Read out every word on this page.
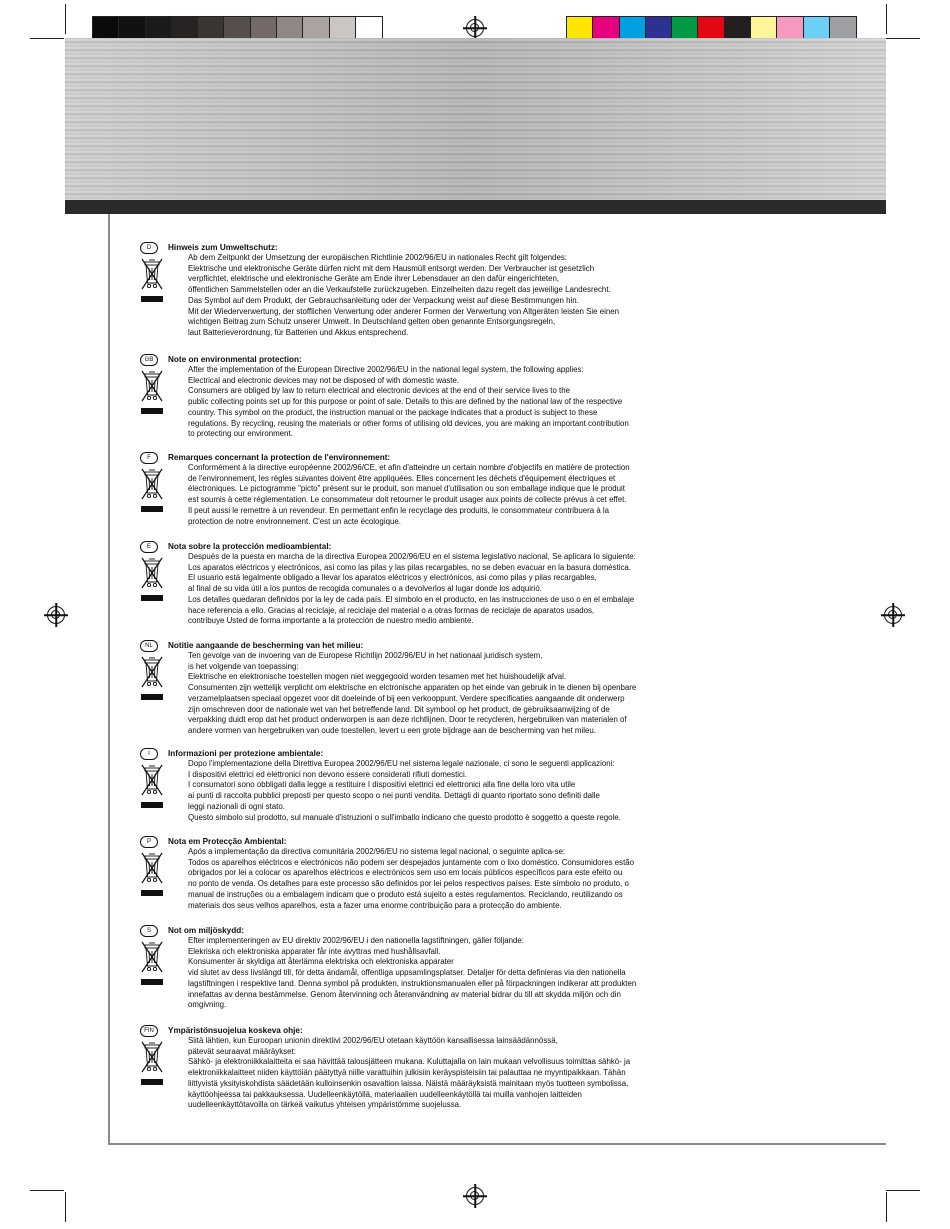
D	Hinweis zum Umweltschutz:
Ab dem Zeitpunkt der Umsetzung der europäischen Richtlinie 2002/96/EU in nationales Recht gilt folgendes:
Elektrische und elektronische Geräte dürfen nicht mit dem Hausmüll entsorgt werden. Der Verbraucher ist gesetzlich
verpflichtet, elektrische und elektronische Geräte am Ende ihrer Lebensdauer an den dafür eingerichteten,
öffentlichen Sammelstellen oder an die Verkaufstelle zurückzugeben. Einzelheiten dazu regelt das jeweilige Landesrecht.
Das Symbol auf dem Produkt, der Gebrauchsanleitung oder der Verpackung weist auf diese Bestimmungen hin.
Mit der Wiederverwertung, der stofflichen Verwertung oder anderer Formen der Verwertung von Altgeräten leisten Sie einen
wichtigen Beitrag zum Schutz unserer Umwelt. In Deutschland gelten oben genannte Entsorgungsregeln,
laut Batterieverordnung, für Batterien und Akkus entsprechend.
GB	Note on environmental protection:
After the implementation of the European Directive 2002/96/EU in the national legal system, the following applies:
Electrical and electronic devices may not be disposed of with domestic waste.
Consumers are obliged by law to return electrical and electronic devices at the end of their service lives to the
public collecting points set up for this purpose or point of sale. Details to this are defined by the national law of the respective
country. This symbol on the product, the instruction manual or the package indicates that a product is subject to these
regulations. By recycling, reusing the materials or other forms of utilising old devices, you are making an important contribution
to protecting our environment.
F	Remarques concernant la protection de l'environnement:
Conformément à la directive européenne 2002/96/CE, et afin d'atteindre un certain nombre d'objectifs en matière de protection
de l'environnement, les règles suivantes doivent être appliquées. Elles concernent les déchets d'équipement électriques et
électroniques. Le pictogramme "picto" présent sur le produit, son manuel d'utilisation ou son emballage indique que le produit
est soumis à cette réglementation. Le consommateur doit retourner le produit usager aux points de collecte prévus à cet effet.
Il peut aussi le remettre à un revendeur. En permettant enfin le recyclage des produits, le consommateur contribuera à la
protection de notre environnement. C'est un acte écologique.
E	Nota sobre la protección medioambiental:
Después de la puesta en marcha de la directiva Europea 2002/96/EU en el sistema legislativo nacional, Se aplicara lo siguiente:
Los aparatos eléctricos y electrónicos, así como las pilas y las pilas recargables, no se deben evacuar en la basura doméstica.
El usuario está legalmente obligado a llevar los aparatos eléctricos y electrónicos, así como pilas y pilas recargables,
al final de su vida útil a los puntos de recogida comunales o a devolverlos al lugar donde los adquirió.
Los detalles quedaran definidos por la ley de cada país. El símbolo en el producto, en las instrucciones de uso o en el embalaje
hace referencia a ello. Gracias al reciclaje, al reciclaje del material o a otras formas de reciclaje de aparatos usados,
contribuye Usted de forma importante a la protección de nuestro medio ambiente.
NL	Notitie aangaande de bescherming van het milieu:
Ten gevolge van de invoering van de Europese Richtlijn 2002/96/EU in het nationaal juridisch system,
is het volgende van toepassing:
Elektrische en elektronische toestellen mogen niet weggegooid worden tesamen met het huishoudelijk afval.
Consumenten zijn wettelijk verplicht om elektrische en elctronische apparaten op het einde van gebruik in te dienen bij openbare
verzamelplaatsen speciaal opgezet voor dit doeleinde of bij een verkooppunt. Verdere specificaties aangaande dit onderwerp
zijn omschreven door de nationale wet van het betreffende land. Dit symbool op het product, de gebruiksaanwijzing of de
verpakking duidt erop dat het product onderworpen is aan deze richtlijnen. Door te recycleren, hergebruiken van materialen of
andere vormen van hergebruiken van oude toestellen, levert u een grote bijdrage aan de bescherming van het mileu.
I	Informazioni per protezione ambientale:
Dopo l'implementazione della Direttiva Europea 2002/96/EU nel sistema legale nazionale, ci sono le seguenti applicazioni:
I dispositivi elettrici ed elettronici non devono essere considerati rifiuti domestici.
I consumatori sono obbligati dalla legge a restituire I dispositivi elettrici ed elettronici alla fine della loro vita utile
ai punti di raccolta pubblici preposti per questo scopo o nei punti vendita. Dettagli di quanto riportato sono definiti dalle
leggi nazionali di ogni stato.
Questo simbolo sul prodotto, sul manuale d'istruzioni o sull'imballo indicano che questo prodotto è soggetto a queste regole.
P	Nota em Protecção Ambiental:
Após a implementação da directiva comunitária 2002/96/EU no sistema legal nacional, o seguinte aplica-se:
Todos os aparelhos eléctricos e electrónicos não podem ser despejados juntamente com o lixo doméstico. Consumidores estão
obrigados por lei a colocar os aparelhos eléctricos e electrónicos sem uso em locais públicos específicos para este efeito ou
no ponto de venda. Os detalhes para este processo são definidos por lei pelos respectivos países. Este símbolo no produto, o
manual de instruções ou a embalagem indicam que o produto está sujeito a estes regulamentos. Reciclando, reutilizando os
materiais dos seus velhos aparelhos, esta a fazer uma enorme contribuição para a protecção do ambiente.
S	Not om miljöskydd:
Efter implementeringen av EU direktiv 2002/96/EU i den nationella lagstiftningen, gäller följande:
Elekriska och elektroniska apparater får inte avyttras med hushållsavfall.
Konsumenter är skyldiga att återlämna elektriska och elektroniska apparater
vid slutet av dess livslängd till, för detta ändamål, offentliga uppsamlingsplatser. Detaljer för detta definieras via den nationella
lagstiftningen i respektive land. Denna symbol på produkten, instruktionsmanualen eller på förpackningen indikerar att produkten
innefattas av denna bestämmelse. Genom återvinning och återanvändning av material bidrar du till att skydda miljön och din
omgivning.
FIN	Ympäristönsuojelua koskeva ohje:
Siitä lähtien, kun Euroopan unionin direktiivi 2002/96/EU otetaan käyttöön kansallisessa lainsäädännössä,
pätevät seuraavat määräykset:
Sähkö- ja elektroniikkalaitteita ei saa hävittää talousjätteen mukana. Kuluttajalla on lain mukaan velvollisuus toimittaa sähkö- ja
elektroniikkalaitteet niiden käyttöiän päätyttyä niille varattuihin julkisiin keräyspisteisiin tai palauttaa ne myyntipaikkaan. Tähän
liittyvistä yksityiskohdista säädetään kulloinsenkin osavaltion laissa. Näistä määräyksistä mainitaan myös tuotteen symbolissa,
käyttöohjeessa tai pakkauksessa. Uudelleenkäytöllä, materiaalien uudelleenkäytöllä tai muilla vanhojen laitteiden
uudelleenkäyttötavoilla on tärkeä vaikutus yhteisen ympäristömme suojelussa.
